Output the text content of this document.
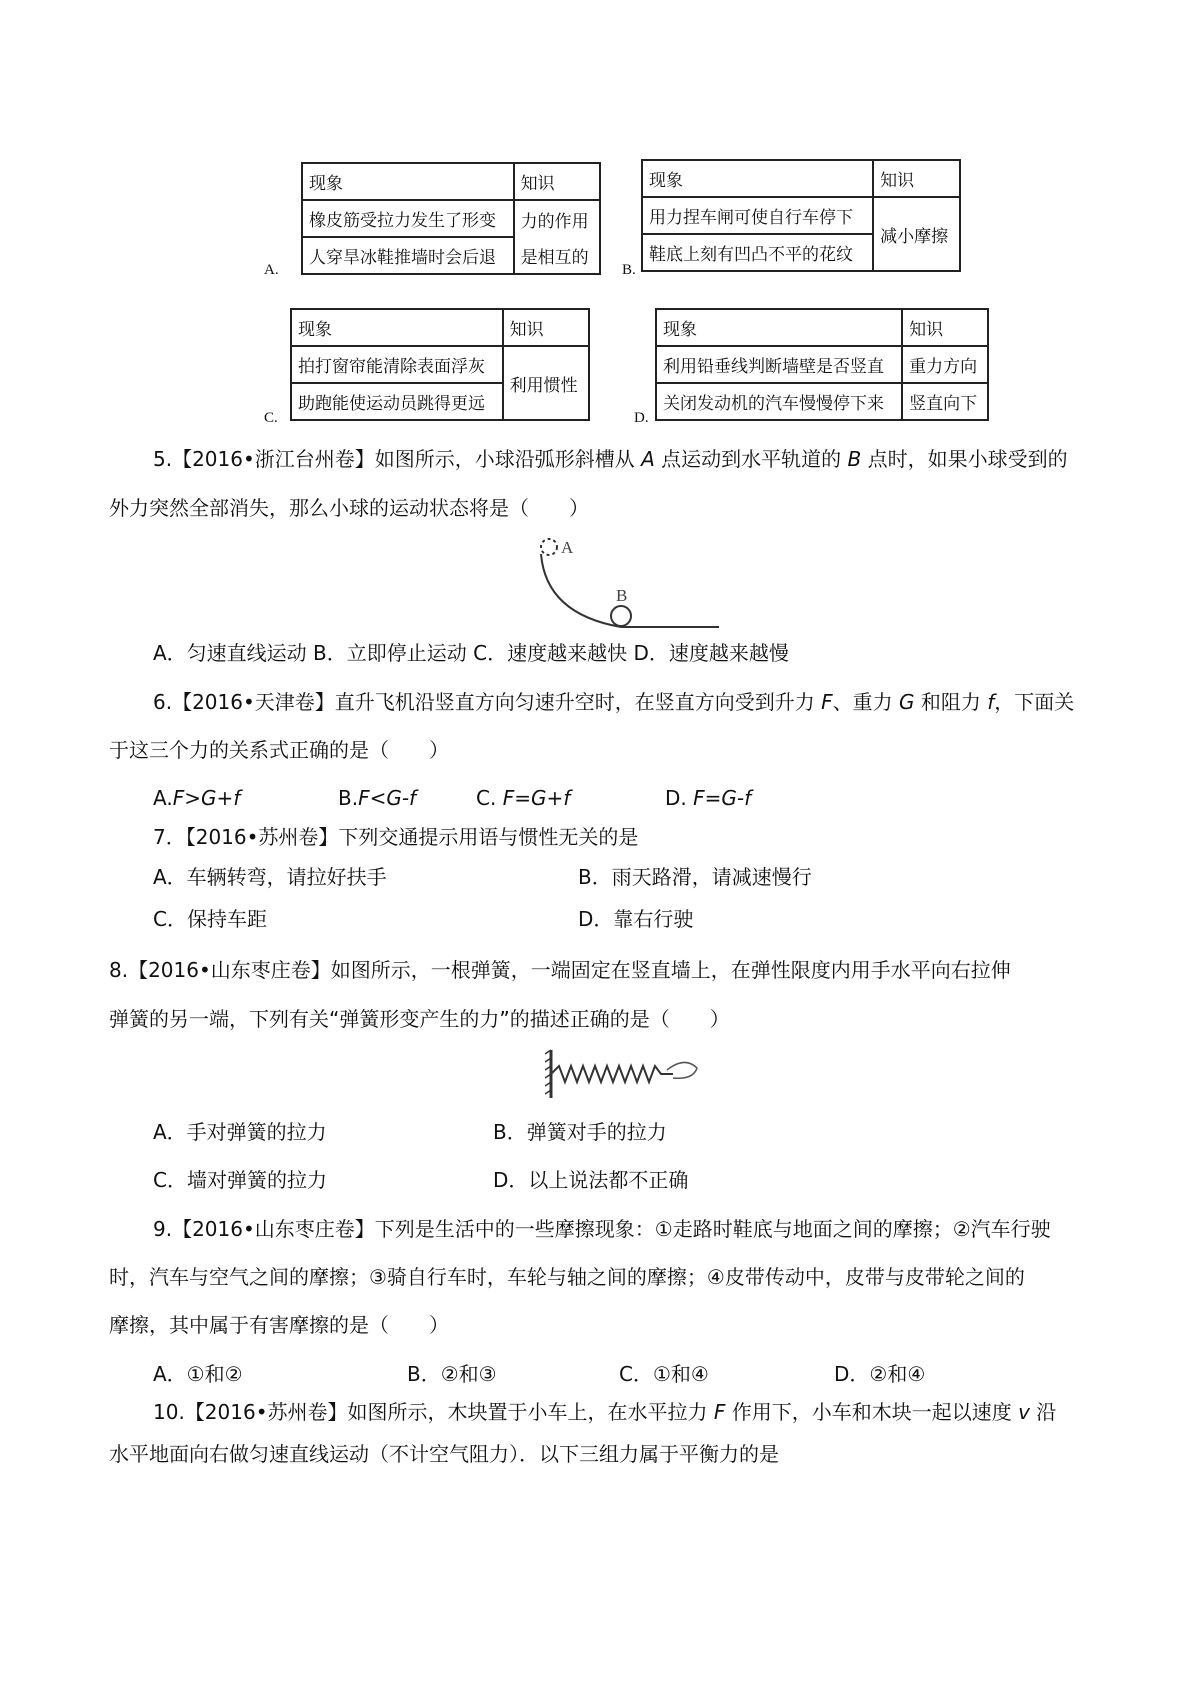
现象	知识
橡皮筋受拉力发生了形变	力的作用
人穿旱冰鞋推墙时会后退	是相互的
A.
现象	知识
用力捏车闸可使自行车停下	减小摩擦
鞋底上刻有凹凸不平的花纹	
B.
现象	知识
拍打窗帘能清除表面浮灰	利用惯性
助跑能使运动员跳得更远	
C.
现象	知识
利用铅垂线判断墙壁是否竖直	重力方向
关闭发动机的汽车慢慢停下来	竖直向下
D.
5.【2016•浙江台州卷】如图所示，小球沿弧形斜槽从 A 点运动到水平轨道的 B 点时，如果小球受到的
外力突然全部消失，那么小球的运动状态将是（　　）
A
B
A．匀速直线运动 B．立即停止运动 C．速度越来越快 D．速度越来越慢
6.【2016•天津卷】直升飞机沿竖直方向匀速升空时，在竖直方向受到升力 F、重力 G 和阻力 f，下面关
于这三个力的关系式正确的是（　　）
A.F>G+f	B.F<G-f	C. F=G+f	D. F=G-f
7．【2016•苏州卷】下列交通提示用语与惯性无关的是
A．车辆转弯，请拉好扶手	B．雨天路滑，请减速慢行
C．保持车距	D．靠右行驶
8.【2016•山东枣庄卷】如图所示，一根弹簧，一端固定在竖直墙上，在弹性限度内用手水平向右拉伸
弹簧的另一端，下列有关“弹簧形变产生的力”的描述正确的是（　　）
A．手对弹簧的拉力	B．弹簧对手的拉力
C．墙对弹簧的拉力	D．以上说法都不正确
9.【2016•山东枣庄卷】下列是生活中的一些摩擦现象：①走路时鞋底与地面之间的摩擦；②汽车行驶
时，汽车与空气之间的摩擦；③骑自行车时，车轮与轴之间的摩擦；④皮带传动中，皮带与皮带轮之间的
摩擦，其中属于有害摩擦的是（　　）
A．①和②	B．②和③	C．①和④	D．②和④
10.【2016•苏州卷】如图所示，木块置于小车上，在水平拉力 F 作用下，小车和木块一起以速度 v 沿
水平地面向右做匀速直线运动（不计空气阻力）．以下三组力属于平衡力的是
